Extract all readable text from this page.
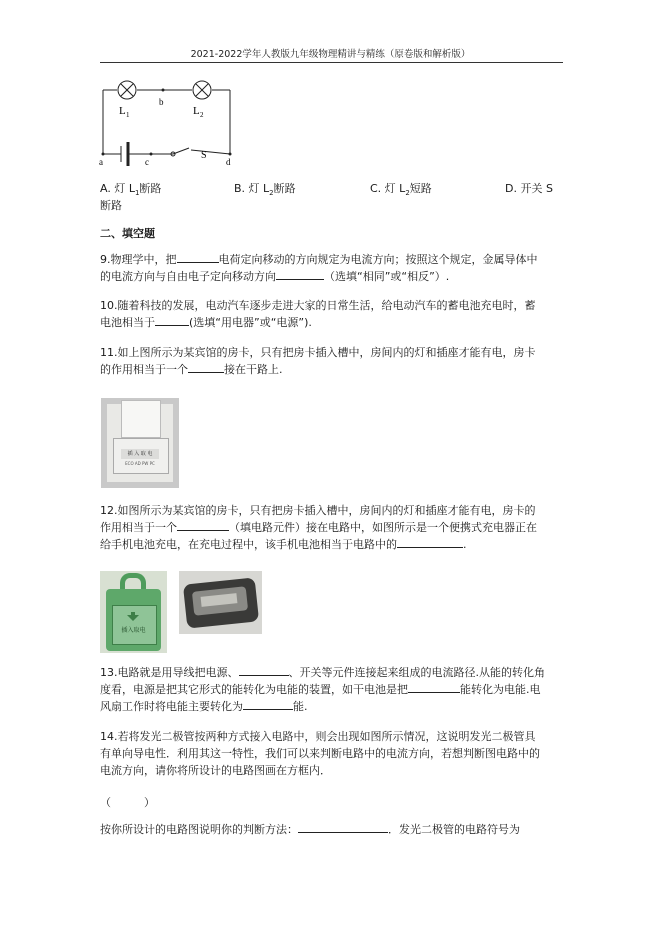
2021-2022学年人教版九年级物理精讲与精练（原卷版和解析版）
L 1	L 2
b
a	c	d
S
A. 灯 $L_1$断路	B. 灯 $L_2$断路	C. 灯 $L_2$短路	D. 开关 S
断路
二、填空题

9.物理学中，把	电荷定向移动的方向规定为电流方向；按照这个规定，金属导体中
的电流方向与自由电子定向移动方向	（选填“相同”或“相反”）.

10.随着科技的发展，电动汽车逐步走进大家的日常生活，给电动汽车的蓄电池充电时，蓄
电池相当于	(选填“用电器”或“电源”).

11.如上图所示为某宾馆的房卡，只有把房卡插入槽中，房间内的灯和插座才能有电，房卡
的作用相当于一个	接在干路上.

插 入 取 电
ECO AD PW PC

12.如图所示为某宾馆的房卡，只有把房卡插入槽中，房间内的灯和插座才能有电，房卡的
作用相当于一个	（填电路元件）接在电路中，如图所示是一个便携式充电器正在
给手机电池充电，在充电过程中，该手机电池相当于电路中的	.

插入取电

13.电路就是用导线把电源、	、开关等元件连接起来组成的电流路径.从能的转化角
度看，电源是把其它形式的能转化为电能的装置，如干电池是把	能转化为电能.电
风扇工作时将电能主要转化为	能.

14.若将发光二极管按两种方式接入电路中，则会出现如图所示情况，这说明发光二极管具
有单向导电性．利用其这一特性，我们可以来判断电路中的电流方向，若想判断图电路中的
电流方向，请你将所设计的电路图画在方框内．

（　　　）

按你所设计的电路图说明你的判断方法：	．发光二极管的电路符号为
